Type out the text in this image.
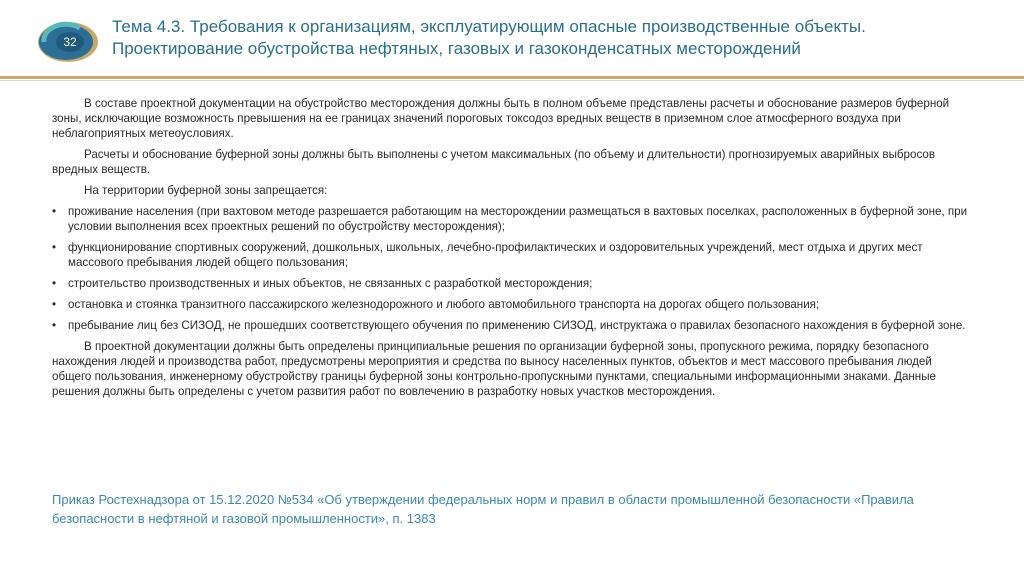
32
Тема 4.3. Требования к организациям, эксплуатирующим опасные производственные объекты. Проектирование обустройства нефтяных, газовых и газоконденсатных месторождений

В составе проектной документации на обустройство месторождения должны быть в полном объеме представлены расчеты и обоснование размеров буферной зоны, исключающие возможность превышения на ее границах значений пороговых токсодоз вредных веществ в приземном слое атмосферного воздуха при неблагоприятных метеоусловиях.

Расчеты и обоснование буферной зоны должны быть выполнены с учетом максимальных (по объему и длительности) прогнозируемых аварийных выбросов вредных веществ.

На территории буферной зоны запрещается:

• проживание населения (при вахтовом методе разрешается работающим на месторождении размещаться в вахтовых поселках, расположенных в буферной зоне, при условии выполнения всех проектных решений по обустройству месторождения);
• функционирование спортивных сооружений, дошкольных, школьных, лечебно-профилактических и оздоровительных учреждений, мест отдыха и других мест массового пребывания людей общего пользования;
• строительство производственных и иных объектов, не связанных с разработкой месторождения;
• остановка и стоянка транзитного пассажирского железнодорожного и любого автомобильного транспорта на дорогах общего пользования;
• пребывание лиц без СИЗОД, не прошедших соответствующего обучения по применению СИЗОД, инструктажа о правилах безопасного нахождения в буферной зоне.

В проектной документации должны быть определены принципиальные решения по организации буферной зоны, пропускного режима, порядку безопасного нахождения людей и производства работ, предусмотрены мероприятия и средства по выносу населенных пунктов, объектов и мест массового пребывания людей общего пользования, инженерному обустройству границы буферной зоны контрольно-пропускными пунктами, специальными информационными знаками. Данные решения должны быть определены с учетом развития работ по вовлечению в разработку новых участков месторождения.

Приказ Ростехнадзора от 15.12.2020 №534 «Об утверждении федеральных норм и правил в области промышленной безопасности «Правила безопасности в нефтяной и газовой промышленности», п. 1383
